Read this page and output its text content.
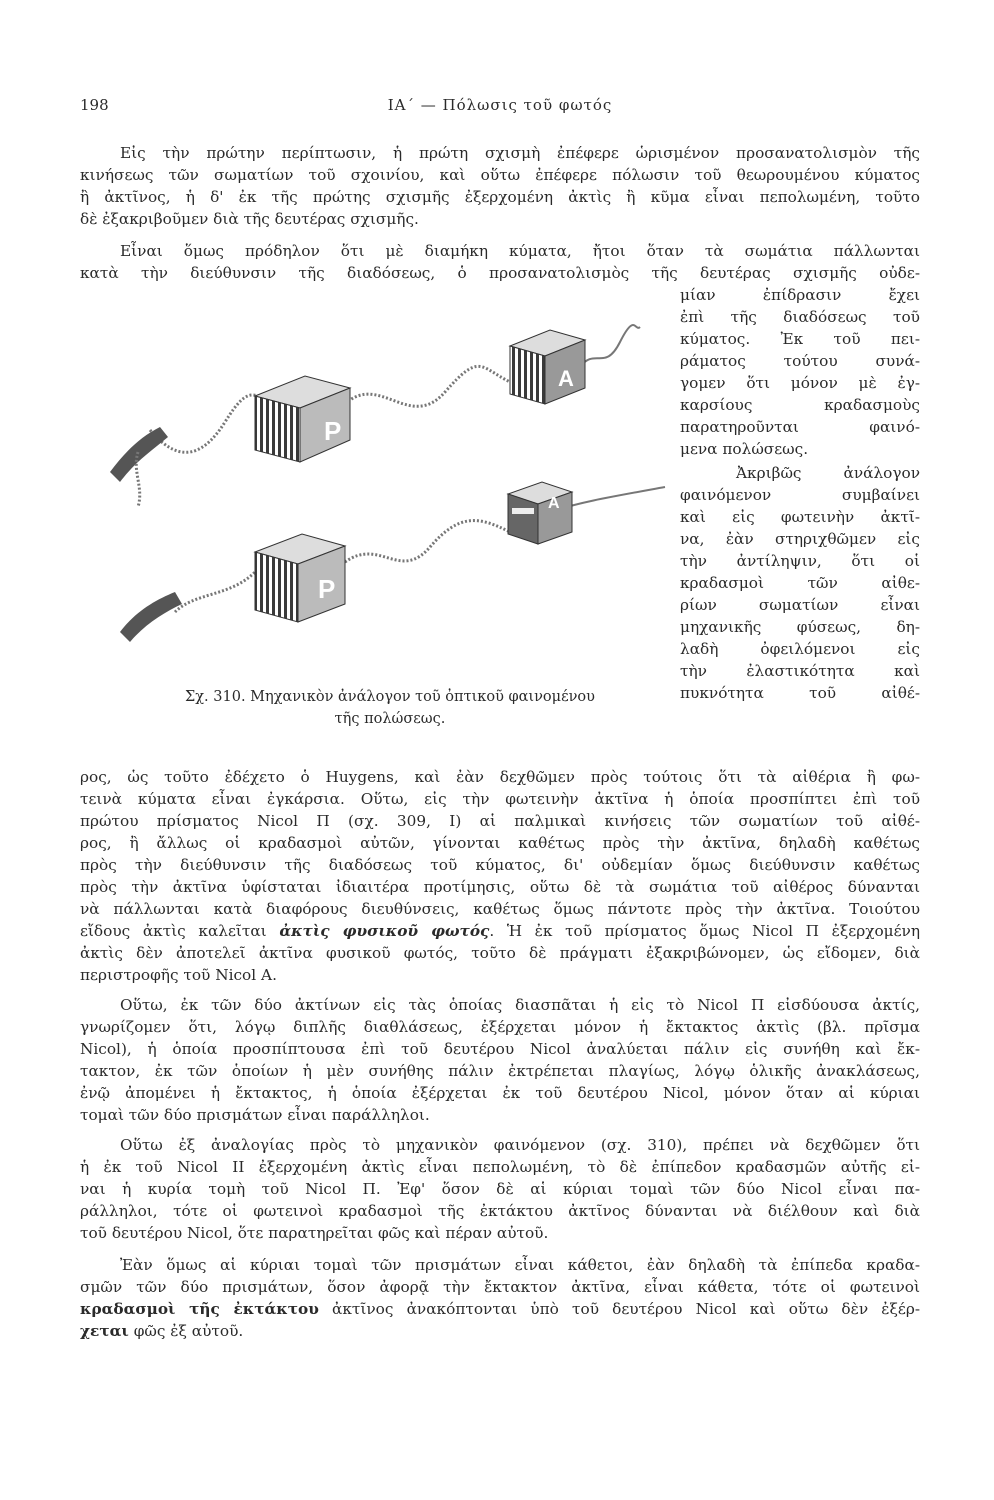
198	ΙΑ΄ — Πόλωσις τοῦ φωτός
Εἰς τὴν πρώτην περίπτωσιν, ἡ πρώτη σχισμὴ ἐπέφερε ὡρισμένον προσανατολισμὸν τῆς
κινήσεως τῶν σωματίων τοῦ σχοινίου, καὶ οὕτω ἐπέφερε πόλωσιν τοῦ θεωρουμένου κύματος
ἢ ἀκτῖνος, ἡ δ' ἐκ τῆς πρώτης σχισμῆς ἐξερχομένη ἀκτὶς ἢ κῦμα εἶναι πεπολωμένη, τοῦτο
δὲ ἐξακριβοῦμεν διὰ τῆς δευτέρας σχισμῆς.
Εἶναι ὅμως πρόδηλον ὅτι μὲ διαμήκη κύματα, ἤτοι ὅταν τὰ σωμάτια πάλλωνται
κατὰ τὴν διεύθυνσιν τῆς διαδόσεως, ὁ προσανατολισμὸς τῆς δευτέρας σχισμῆς οὐδε-
μίαν ἐπίδρασιν ἔχει
ἐπὶ τῆς διαδόσεως τοῦ
κύματος. Ἐκ τοῦ πει-
ράματος τούτου συνά-
γομεν ὅτι μόνον μὲ ἐγ-
καρσίους κραδασμοὺς
παρατηροῦνται φαινό-
μενα πολώσεως.
Ἀκριβῶς ἀνάλογον
φαινόμενον συμβαίνει
καὶ εἰς φωτεινὴν ἀκτῖ-
να, ἐὰν στηριχθῶμεν εἰς
τὴν ἀντίληψιν, ὅτι οἱ
κραδασμοὶ τῶν αἰθε-
ρίων σωματίων εἶναι
μηχανικῆς φύσεως, δη-
λαδὴ ὀφειλόμενοι εἰς
τὴν ἐλαστικότητα καὶ
πυκνότητα τοῦ αἰθέ-
P
A
P
A
Σχ. 310. Μηχανικὸν ἀνάλογον τοῦ ὀπτικοῦ φαινομένου
τῆς πολώσεως.
ρος, ὡς τοῦτο ἐδέχετο ὁ Huygens, καὶ ἐὰν δεχθῶμεν πρὸς τούτοις ὅτι τὰ αἰθέρια ἢ φω-
τεινὰ κύματα εἶναι ἐγκάρσια. Οὕτω, εἰς τὴν φωτεινὴν ἀκτῖνα ἡ ὁποία προσπίπτει ἐπὶ τοῦ
πρώτου πρίσματος Nicol Π (σχ. 309, Ι) αἱ παλμικαὶ κινήσεις τῶν σωματίων τοῦ αἰθέ-
ρος, ἢ ἄλλως οἱ κραδασμοὶ αὐτῶν, γίνονται καθέτως πρὸς τὴν ἀκτῖνα, δηλαδὴ καθέτως
πρὸς τὴν διεύθυνσιν τῆς διαδόσεως τοῦ κύματος, δι' οὐδεμίαν ὅμως διεύθυνσιν καθέτως
πρὸς τὴν ἀκτῖνα ὑφίσταται ἰδιαιτέρα προτίμησις, οὕτω δὲ τὰ σωμάτια τοῦ αἰθέρος δύνανται
νὰ πάλλωνται κατὰ διαφόρους διευθύνσεις, καθέτως ὅμως πάντοτε πρὸς τὴν ἀκτῖνα. Τοιούτου
εἴδους ἀκτὶς καλεῖται ἀκτὶς φυσικοῦ φωτός. Ἡ ἐκ τοῦ πρίσματος ὅμως Nicol Π ἐξερχομένη
ἀκτὶς δὲν ἀποτελεῖ ἀκτῖνα φυσικοῦ φωτός, τοῦτο δὲ πράγματι ἐξακριβώνομεν, ὡς εἴδομεν, διὰ
περιστροφῆς τοῦ Nicol Α.
Οὕτω, ἐκ τῶν δύο ἀκτίνων εἰς τὰς ὁποίας διασπᾶται ἡ εἰς τὸ Nicol Π εἰσδύουσα ἀκτίς,
γνωρίζομεν ὅτι, λόγῳ διπλῆς διαθλάσεως, ἐξέρχεται μόνον ἡ ἔκτακτος ἀκτὶς (βλ. πρῖσμα
Nicol), ἡ ὁποία προσπίπτουσα ἐπὶ τοῦ δευτέρου Nicol ἀναλύεται πάλιν εἰς συνήθη καὶ ἔκ-
τακτον, ἐκ τῶν ὁποίων ἡ μὲν συνήθης πάλιν ἐκτρέπεται πλαγίως, λόγῳ ὁλικῆς ἀνακλάσεως,
ἐνῷ ἀπομένει ἡ ἔκτακτος, ἡ ὁποία ἐξέρχεται ἐκ τοῦ δευτέρου Nicol, μόνον ὅταν αἱ κύριαι
τομαὶ τῶν δύο πρισμάτων εἶναι παράλληλοι.
Οὕτω ἐξ ἀναλογίας πρὸς τὸ μηχανικὸν φαινόμενον (σχ. 310), πρέπει νὰ δεχθῶμεν ὅτι
ἡ ἐκ τοῦ Nicol II ἐξερχομένη ἀκτὶς εἶναι πεπολωμένη, τὸ δὲ ἐπίπεδον κραδασμῶν αὐτῆς εἰ-
ναι ἡ κυρία τομὴ τοῦ Nicol Π. Ἐφ' ὅσον δὲ αἱ κύριαι τομαὶ τῶν δύο Nicol εἶναι πα-
ράλληλοι, τότε οἱ φωτεινοὶ κραδασμοὶ τῆς ἐκτάκτου ἀκτῖνος δύνανται νὰ διέλθουν καὶ διὰ
τοῦ δευτέρου Nicol, ὅτε παρατηρεῖται φῶς καὶ πέραν αὐτοῦ.
Ἐὰν ὅμως αἱ κύριαι τομαὶ τῶν πρισμάτων εἶναι κάθετοι, ἐὰν δηλαδὴ τὰ ἐπίπεδα κραδα-
σμῶν τῶν δύο πρισμάτων, ὅσον ἀφορᾷ τὴν ἔκτακτον ἀκτῖνα, εἶναι κάθετα, τότε οἱ φωτεινοὶ
κραδασμοὶ τῆς ἐκτάκτου ἀκτῖνος ἀνακόπτονται ὑπὸ τοῦ δευτέρου Nicol καὶ οὕτω δὲν ἐξέρ-
χεται φῶς ἐξ αὐτοῦ.
